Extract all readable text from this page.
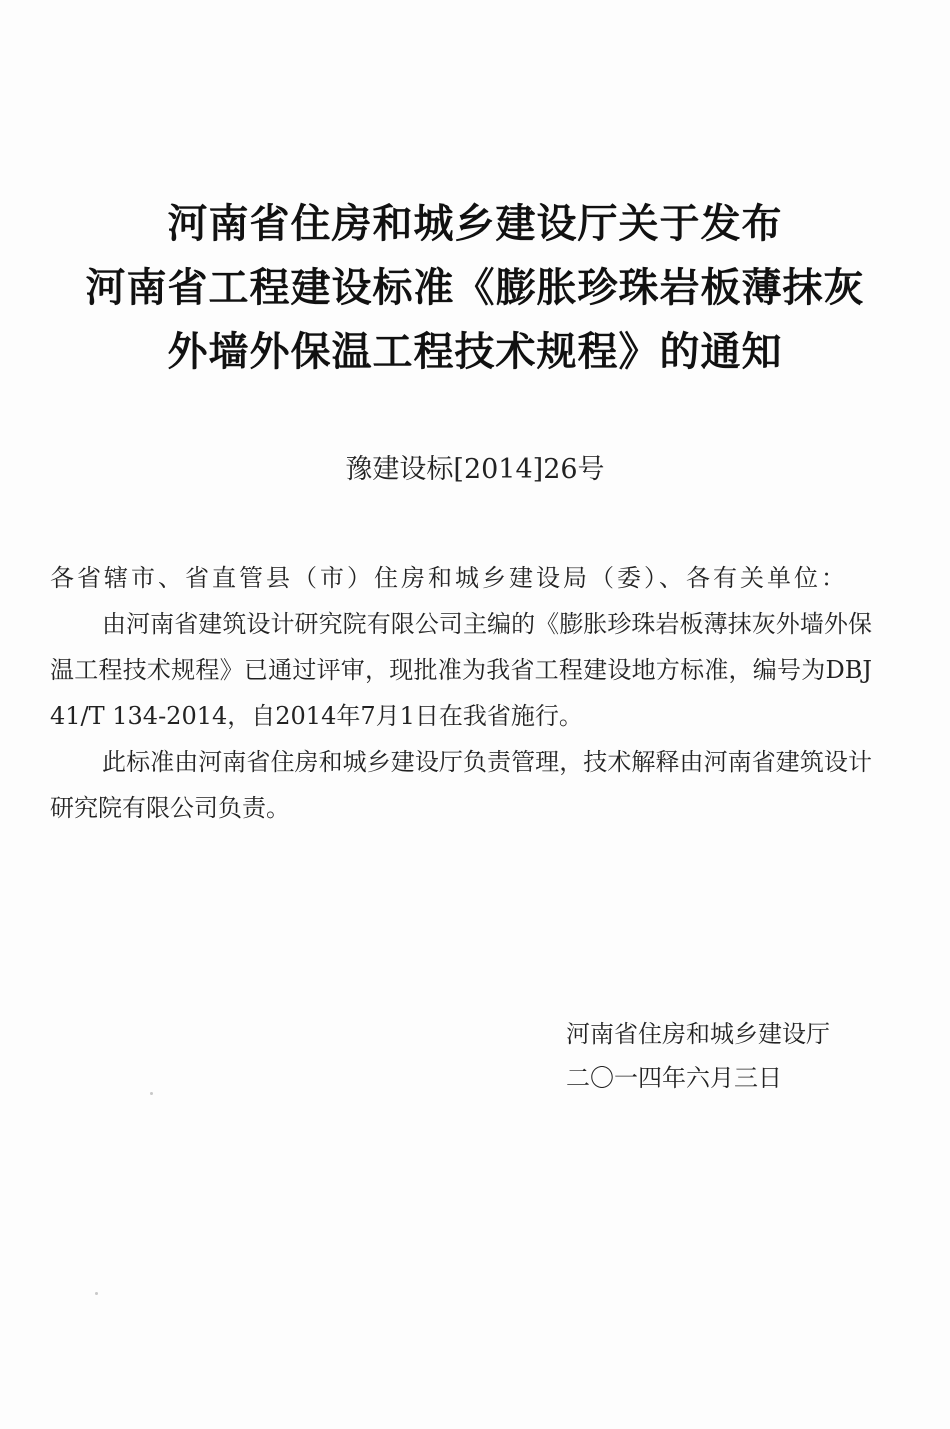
河南省住房和城乡建设厅关于发布
河南省工程建设标准《膨胀珍珠岩板薄抹灰
外墙外保温工程技术规程》的通知
豫建设标[2014]26号

各省辖市、省直管县（市）住房和城乡建设局（委）、各有关单位：

由河南省建筑设计研究院有限公司主编的《膨胀珍珠岩板薄抹灰外墙外保温工程技术规程》已通过评审，现批准为我省工程建设地方标准，编号为DBJ 41/T 134-2014，自2014年7月1日在我省施行。

此标准由河南省住房和城乡建设厅负责管理，技术解释由河南省建筑设计研究院有限公司负责。

河南省住房和城乡建设厅
二〇一四年六月三日
